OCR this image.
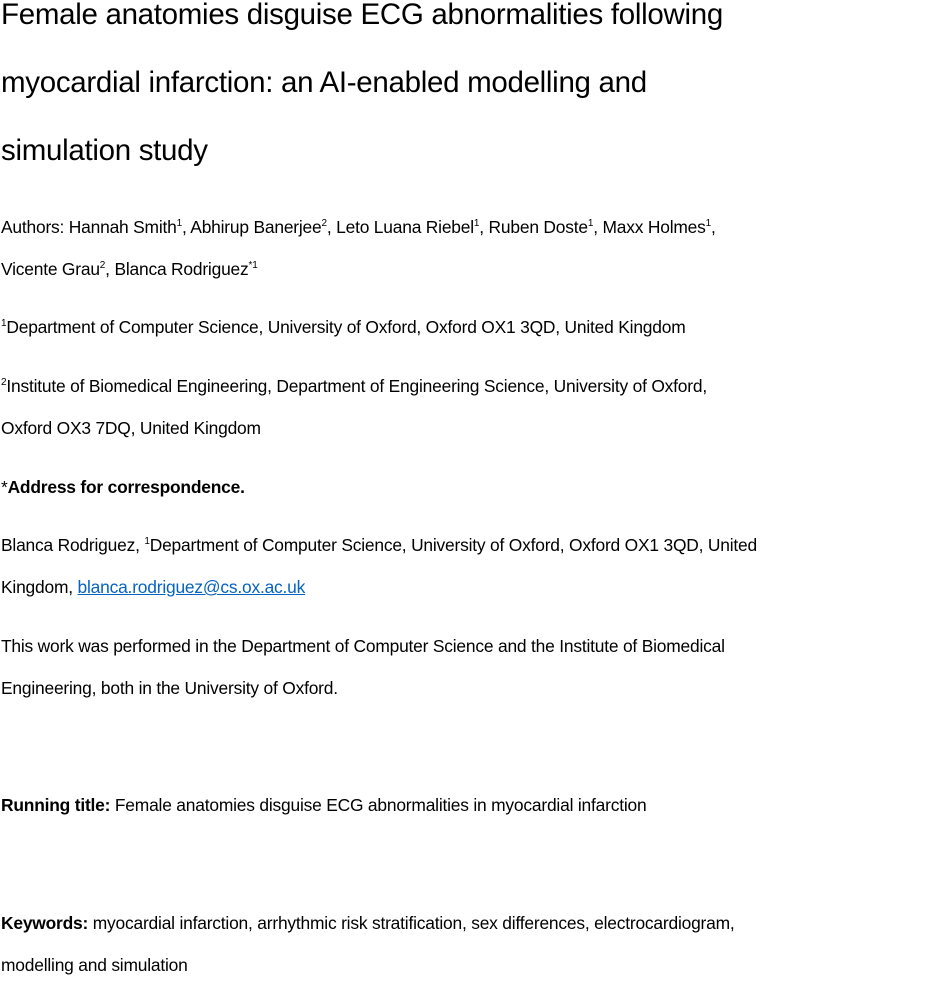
Female anatomies disguise ECG abnormalities following
myocardial infarction: an AI-enabled modelling and
simulation study
Authors: Hannah Smith$^1$, Abhirup Banerjee$^2$, Leto Luana Riebel$^1$, Ruben Doste$^1$, Maxx Holmes$^1$,
Vicente Grau$^2$, Blanca Rodriguez$^{*1}$
$^1$Department of Computer Science, University of Oxford, Oxford OX1 3QD, United Kingdom
$^2$Institute of Biomedical Engineering, Department of Engineering Science, University of Oxford,
Oxford OX3 7DQ, United Kingdom
*Address for correspondence.
Blanca Rodriguez, $^1$Department of Computer Science, University of Oxford, Oxford OX1 3QD, United
Kingdom, blanca.rodriguez@cs.ox.ac.uk
This work was performed in the Department of Computer Science and the Institute of Biomedical
Engineering, both in the University of Oxford.
Running title: Female anatomies disguise ECG abnormalities in myocardial infarction
Keywords: myocardial infarction, arrhythmic risk stratification, sex differences, electrocardiogram,
modelling and simulation
